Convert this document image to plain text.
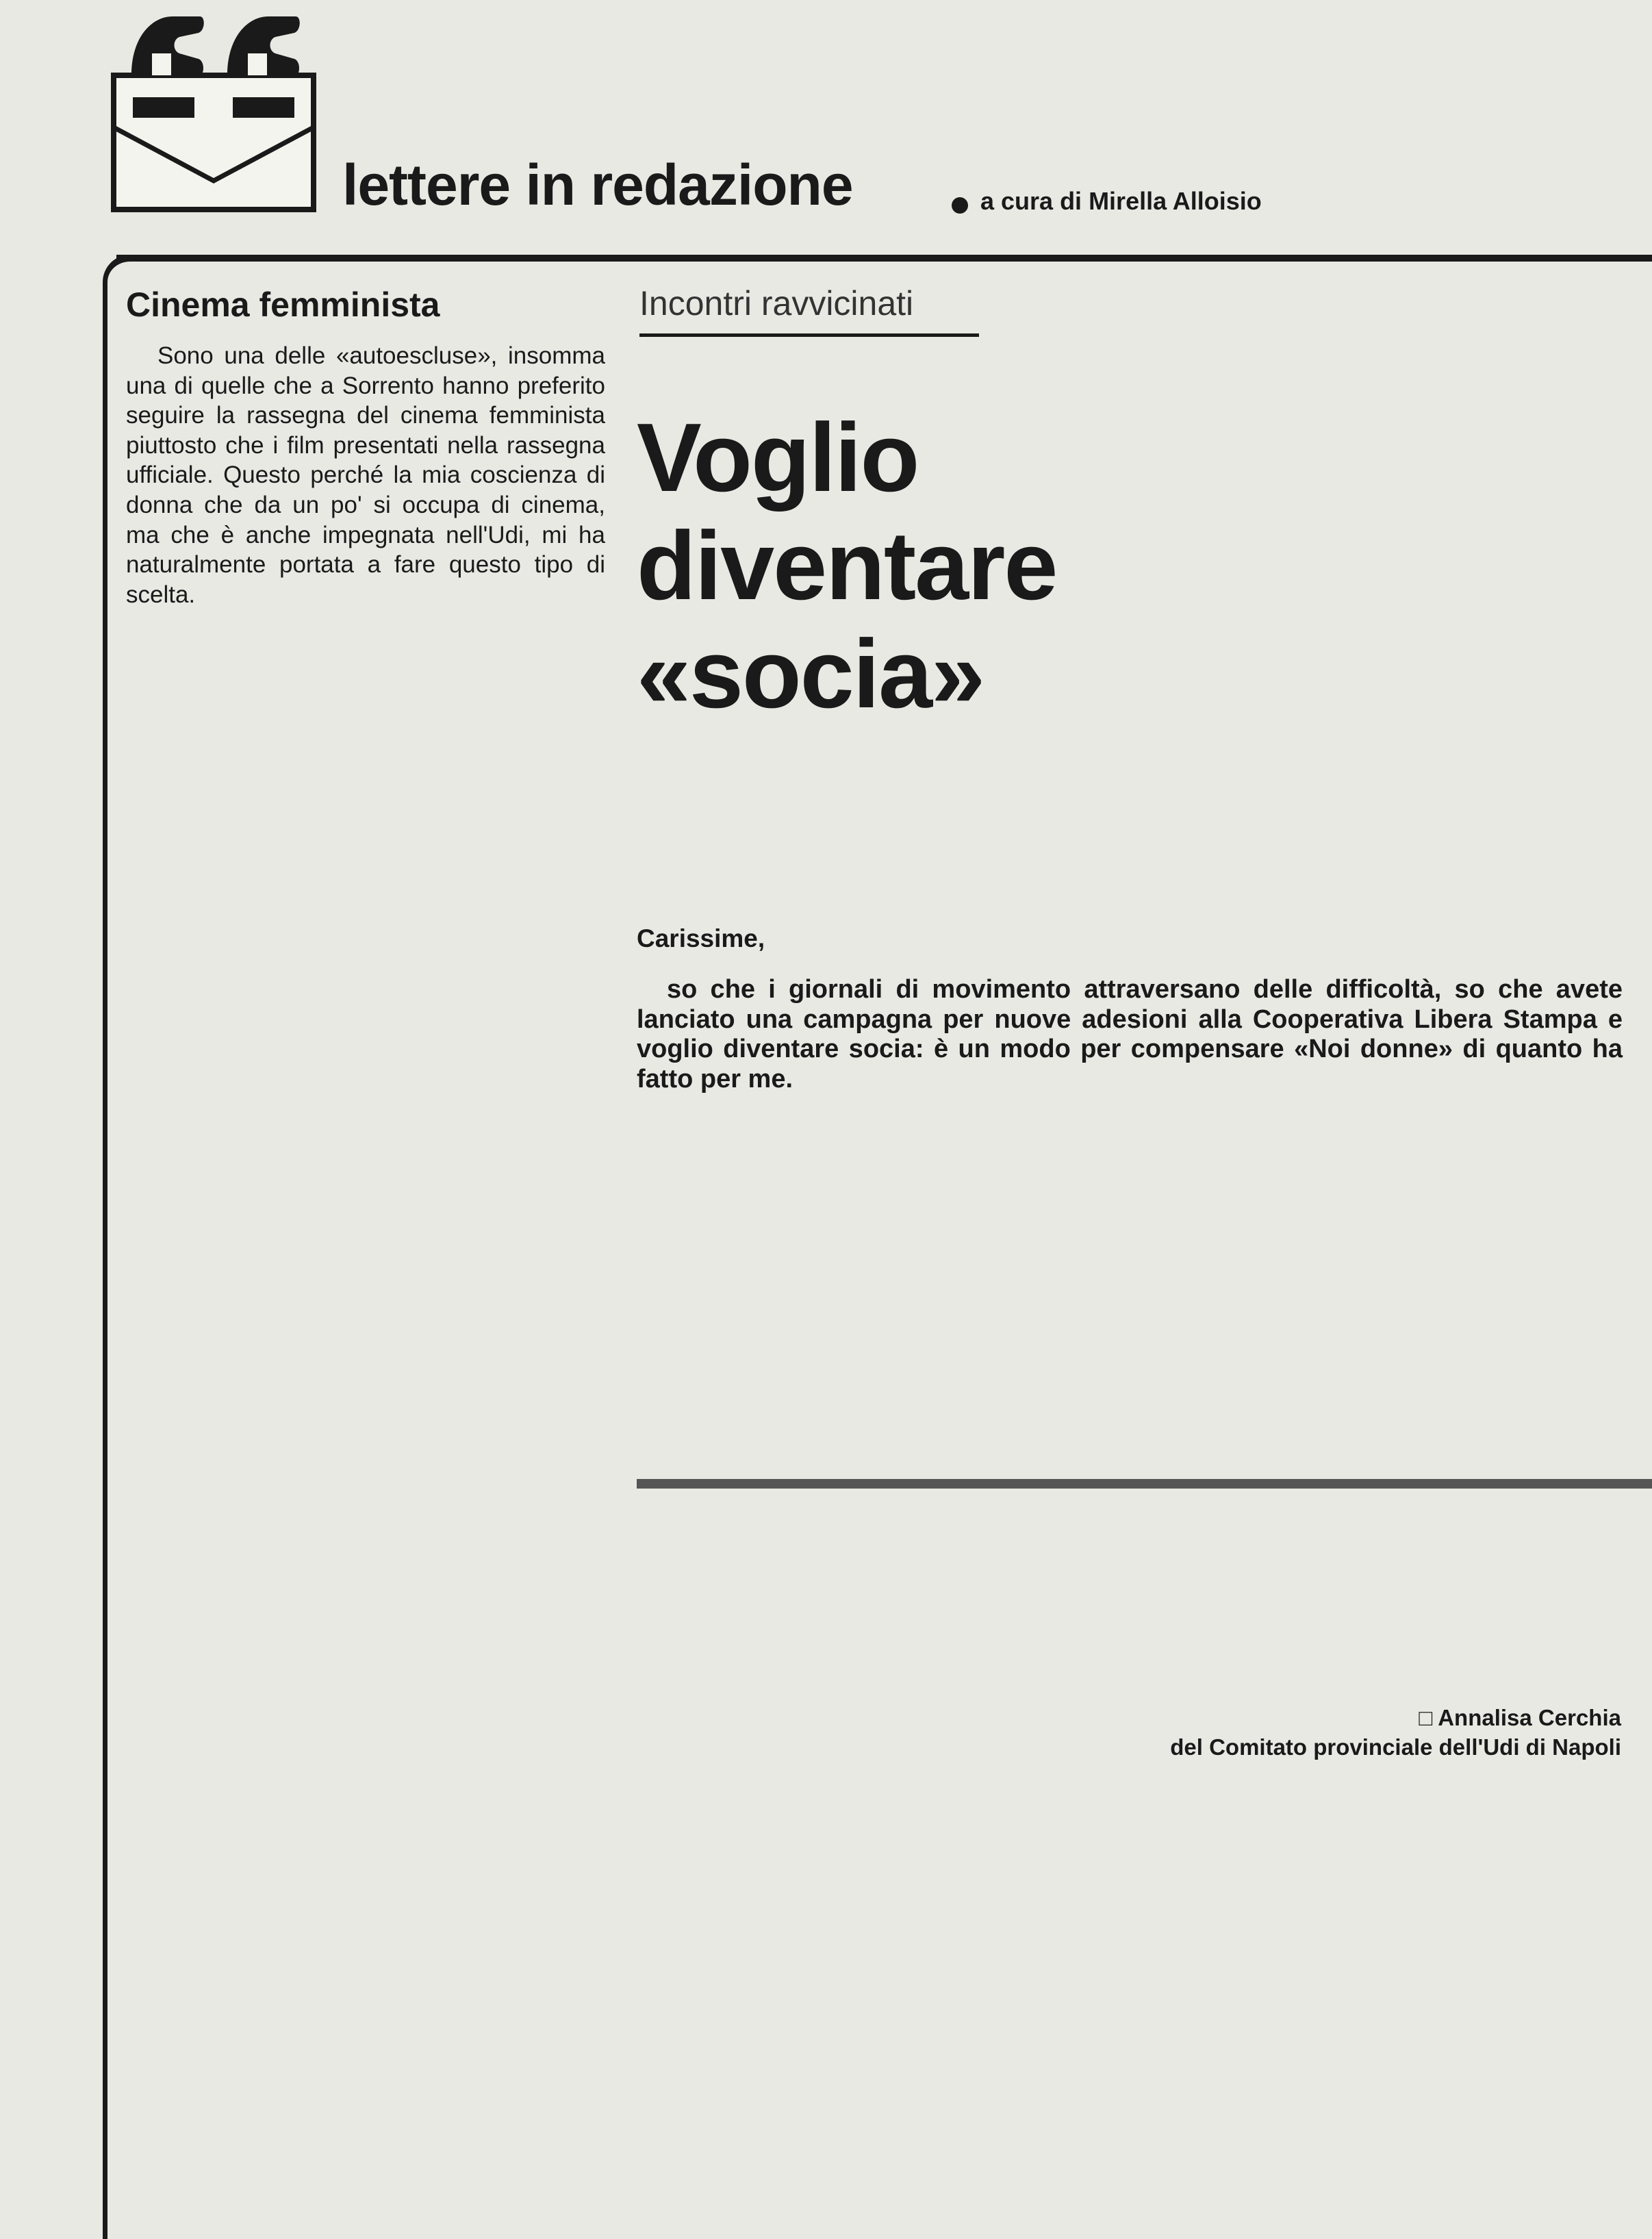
lettere in redazione	a cura di Mirella Alloisio
Cinema femminista

Sono una delle «autoescluse», insomma una di quelle che a Sorrento hanno preferito seguire la rassegna del cinema femminista piuttosto che i film presentati nella rassegna ufficiale. Questo perché la mia coscienza di donna che da un po' si occupa di cinema, ma che è anche impegnata nell'Udi, mi ha naturalmente portata a fare questo tipo di scelta.

Incontri ravvicinati
Voglio
diventare
«socia»
Carissime,

so che i giornali di movimento attraversano delle difficoltà, so che avete lanciato una campagna per nuove adesioni alla Cooperativa Libera Stampa e voglio diventare socia: è un modo per compensare «Noi donne» di quanto ha fatto per me.

□ Annalisa Cerchia
del Comitato provinciale dell'Udi di Napoli
